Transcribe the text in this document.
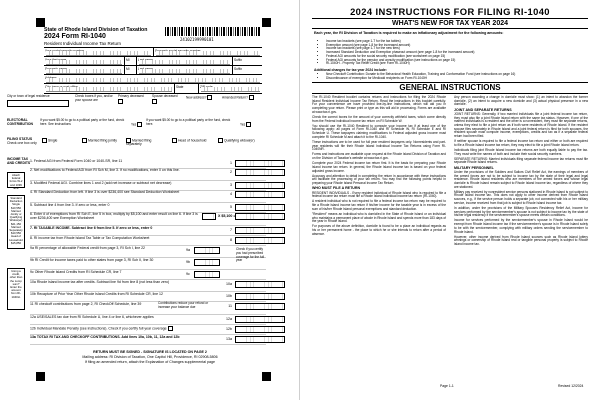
State of Rhode Island Division of Taxation
2024 Form RI-1040
Resident Individual Income Tax Return
24102199990101
MI	Suffix
MI	Suffix
State
City or town of legal residence	Check boxes if you, and/or your spouse are
Primary deceased	Spouse deceased	New address?	Amended Return?
ELECTORAL CONTRIBUTION
If you want $5.00 to go to a political party or the fund, check here. See instructions	Yes
If you want $5.00 to go to a political party or the fund, check here.	Yes
FILING STATUS
Check one box only
Single	Married filing jointly	Married filing separately
Head of household	Qualifying widow(er)
INCOME TAX AND CREDITS
Attach federal forms W-2 and 1099 here.
Standard Deduction Single $10,550 Married Jointly or Qualifying Widow(er) $21,150 Married Separately $10,550 Head of Household $15,850
Using a credit, other than the Lump sum? Enter the amount from RI-1040H.
1. Federal AGI from Federal Form 1040 or 1040-SR, line 11	1
2. Net modifications to Federal AGI from RI Sch M, line 3. If no modifications, enter 0 on this line.	2
3. Modified Federal AGI. Combine lines 1 and 2 (add net increase or subtract net decrease)	3
4. RI Standard Deduction from left. If line 3 is over $236,400 see Standard Deduction Worksheet	4
5. Subtract line 4 from line 3. If zero or less, enter 0	5
6. Enter # of exemptions from RI Sch E, line 5 in box, multiply by $5,100 and enter result on line 6. If line 3 is over $236,400 see Exemption Worksheet
X $5,100 =
7. RI TAXABLE INCOME. Subtract line 6 from line 5. If zero or less, enter 0	7
8. RI income tax from Rhode Island Tax Table or Tax Computation Worksheet	8
9a RI percentage of allowable Federal credit from page 3, RI Sch I, line 22	9a
9b RI Credit for income taxes paid to other states from page 3, RI Sch II, line 30	9b
Check if you certify you had prescribed coverage for the full year
9c Other Rhode Island Credits from RI Schedule CR, line 7	9c
10a Rhode Island income tax after credits. Subtract line 9d from line 8 (not less than zero)	10a
10b Recapture of Prior Year Other Rhode Island Credits from RI Schedule CR, line 12	10b
11 RI checkoff contributions from page 2, RI CheckOff Schedule, line 39	Contributions reduce your refund or increase your balance due	11
12a USE/SALES tax due from RI Schedule U, line 4 or line 6, whichever applies	12a
12b Individual Mandate Penalty (see instructions). Check if you certify full year coverage	12b
13a TOTAX RI TAX AND CHECKOFF CONTRIBUTIONS. Add lines 10a, 10b, 11, 12a and 12b	13a
RETURN MUST BE SIGNED - SIGNATURE IS LOCATED ON PAGE 2
Mailing address: RI Division of Taxation, One Capitol Hill, Providence, RI 02908-5806
If filing an amended return, attach the Explanation of Changes supplemental page
2024 INSTRUCTIONS FOR FILING RI-1040
WHAT'S NEW FOR TAX YEAR 2024
Each year, the RI Division of Taxation is required to make an inflationary adjustment for the following amounts:
• Income tax brackets (see page 1-T for the tax tables)
• Exemption amount (see page 1-8 for the increased amount)
• Income tax brackets (see page 1-T for the new tiers)
• Increased Standard Deduction and Exemption phaseout amount (see page 1-8 for the increased amount)
• Federal AGI amounts for the social security modification (see worksheet on page 15)
• Federal AGI amounts for the pension and annuity modification (see instructions on page 15)
• RI-1040H - Property Tax Relief Credit (see Form RI-1040H)
Additional changes for tax year 2024 include:
• New Checkoff Contribution: Donate to the Behavioral Health Education, Training and Conformation Fund (see instructions on page 16)
• Discontinuance of exemption for Medicaid recipients on Form RI-1040H
GENERAL INSTRUCTIONS

The RI-1040 Resident booklet contains returns and instructions for filing the 2024 Rhode Island Resident Individual Income Tax Return. Read the instructions in this booklet carefully. For your convenience we have provided line-by-line instructions, which will aid you in completing your return. Please print or type as this will aid in processing. Forms are available at www.tax.ri.gov.

Check the correct boxes for the amount of your correctly withheld taxes, which come directly from the Federal individual income tax return on RI Schedule W.

You should use the RI-1040 Resident to compute your income tax if at least one of the following apply: all pages of Form RI-1040 and RI Schedule W, RI Schedule E and RI Schedule U. These taxpayers claiming modifications to Federal adjusted gross income must complete RI Schedule M and attach it to the RI-1040.

These instructions are to be used for full year resident taxpayers only. Nonresidents and part-year residents will file their Rhode Island Individual Income Tax Returns using Form RI-1040NR.

Forms and instructions are available upon request at the Rhode Island Division of Taxation and on the Division of Taxation's website at www.tax.ri.gov.

Complete your 2024 Federal income tax return first. It is the basis for preparing your Rhode Island income tax return. In general, the Rhode Island income tax is based on your federal adjusted gross income.

Accuracy and attention to detail in completing the return in accordance with these instructions will facilitate the processing of your tax return. You may find the following points helpful in preparing your Rhode Island Personal Income Tax Return.

WHO MUST FILE A RETURN

RESIDENT INDIVIDUALS - Every resident individual of Rhode Island who is required to file a federal income tax return must file a Rhode Island individual income tax return (RI-1040).

A resident individual who is not required to file a federal income tax return may be required to file a Rhode Island income tax return if his/her income for the taxable year is in excess of the sum of his/her Rhode Island personal exemptions and standard deduction.

"Resident" means an individual who is domiciled in the State of Rhode Island or an individual who maintains a permanent place of abode in Rhode Island and spends more than 183 days of the year in Rhode Island.

For purposes of the above definition, domicile is found to be a place an individual regards as his or her permanent home - the place to which he or she intends to return after a period of absence.

Any person awarding a change in domicile must show: (1) an intent to abandon the former domicile, (2) an intent to acquire a new domicile and (3) actual physical presence in a new domicile.

JOINT AND SEPARATE RETURNS

JOINT RETURNS: Generally, if two married individuals file a joint federal income tax return, they must also file a joint Rhode Island return with the same tax status. However, if one of the married individuals is a resident and the other is a nonresident, they must file separate returns, unless they elect to file a joint return as if both were residents of Rhode Island. If the resident spouse files separately in Rhode Island and a joint federal return is filed for both spouses, the resident spouse must compute income, exemptions, credits and tax as if a separate federal return had been filed.

If neither spouse is required to file a federal income tax return and either or both are required to file a Rhode Island income tax return, they may elect to file a joint Rhode Island return.

Individuals filing joint Rhode Island income tax returns are both equally liable to pay the tax. They must write the names of both and include their social security numbers.

SEPARATE RETURNS: Married individuals filing separate federal income tax returns must file separate Rhode Island returns.

MILITARY PERSONNEL

Under the provisions of the Soldiers and Sailors Civil Relief Act, the earnings of members of the armed forces are not to be subject to income tax by the state of their legal and legal residence. Rhode Island residents who are members of the armed forces and whose legal domicile is Rhode Island remain subject to Rhode Island income tax, regardless of where they are stationed.

Military pay received by nonresident service persons stationed in Rhode Island is not subject to Rhode Island income tax. This does not apply to other income derived from Rhode Island sources, e.g., if the service person holds a separate job, not connected with his or her military service, income received from that job is subject to Rhode Island income tax.

In addition, under the provisions of the Military Spouses Residency Relief Act, income for services performed by the servicemember's spouse is not subject to income tax by the state of his/her legal residency if the servicemember's spouse meets certain conditions.

Income for services performed by the servicemember's spouse in Rhode Island would be exempt from Rhode Island income tax if the servicemember's spouse is in Rhode Island solely to be with the servicemember, complying with military orders sending the servicemember to Rhode Island.

However, other income derived from Rhode Island sources such as Rhode Island lottery winnings or ownership of Rhode Island real or tangible personal property is subject to Rhode Island income tax.

Page 1-1	Revised 12/2024
